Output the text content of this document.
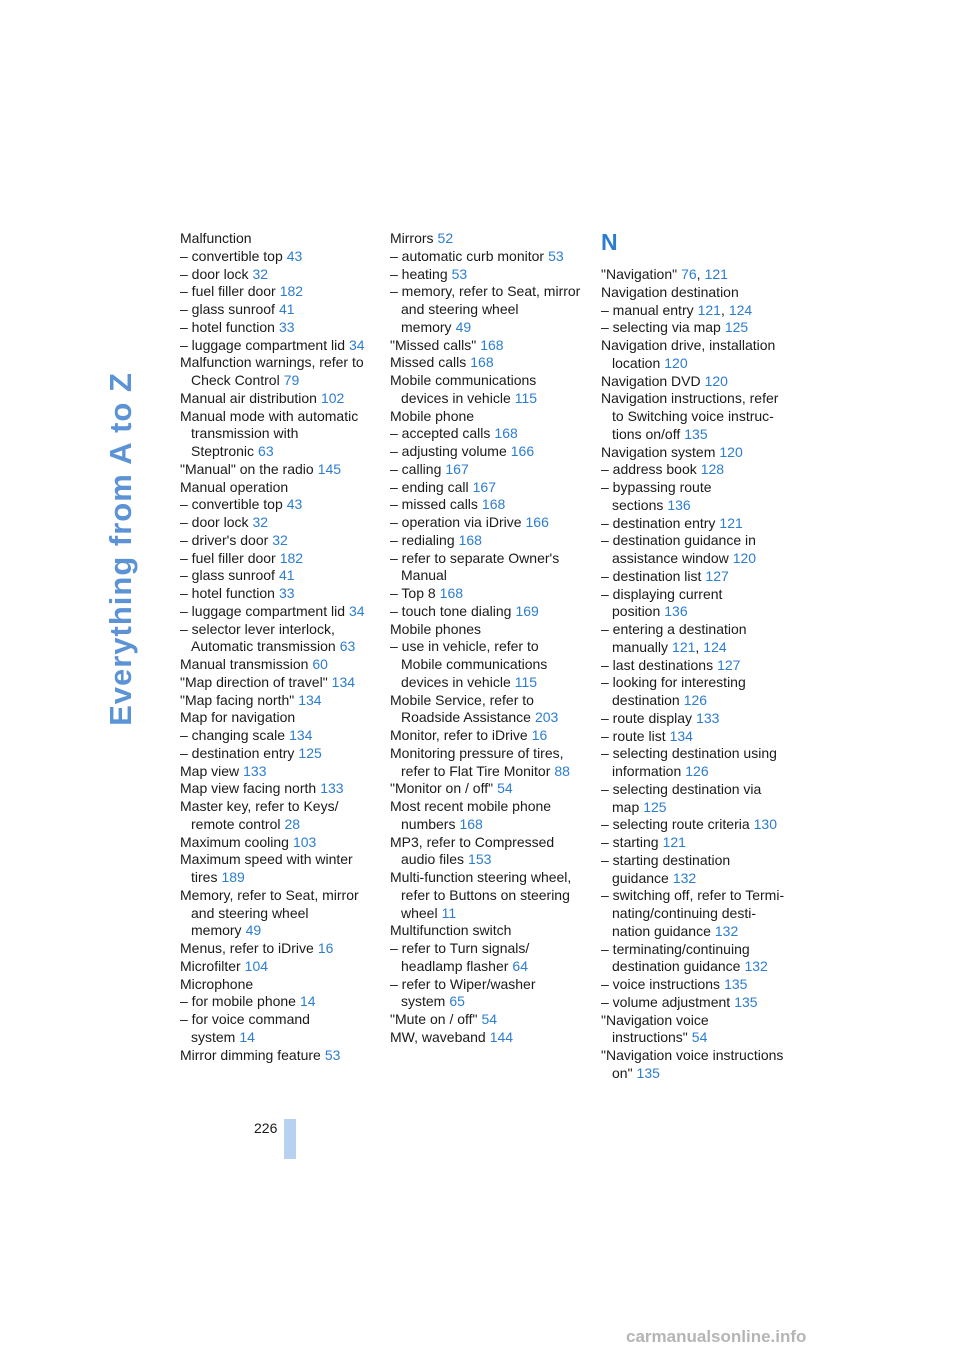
Everything from A to Z
Malfunction
– convertible top 43
– door lock 32
– fuel filler door 182
– glass sunroof 41
– hotel function 33
– luggage compartment lid 34
Malfunction warnings, refer to Check Control 79
Manual air distribution 102
Manual mode with automatic transmission with Steptronic 63
"Manual" on the radio 145
Manual operation
– convertible top 43
– door lock 32
– driver's door 32
– fuel filler door 182
– glass sunroof 41
– hotel function 33
– luggage compartment lid 34
– selector lever interlock, Automatic transmission 63
Manual transmission 60
"Map direction of travel" 134
"Map facing north" 134
Map for navigation
– changing scale 134
– destination entry 125
Map view 133
Map view facing north 133
Master key, refer to Keys/ remote control 28
Maximum cooling 103
Maximum speed with winter tires 189
Memory, refer to Seat, mirror and steering wheel memory 49
Menus, refer to iDrive 16
Microfilter 104
Microphone
– for mobile phone 14
– for voice command system 14
Mirror dimming feature 53
Mirrors 52
– automatic curb monitor 53
– heating 53
– memory, refer to Seat, mirror and steering wheel memory 49
"Missed calls" 168
Missed calls 168
Mobile communications devices in vehicle 115
Mobile phone
– accepted calls 168
– adjusting volume 166
– calling 167
– ending call 167
– missed calls 168
– operation via iDrive 166
– redialing 168
– refer to separate Owner's Manual
– Top 8 168
– touch tone dialing 169
Mobile phones
– use in vehicle, refer to Mobile communications devices in vehicle 115
Mobile Service, refer to Roadside Assistance 203
Monitor, refer to iDrive 16
Monitoring pressure of tires, refer to Flat Tire Monitor 88
"Monitor on / off" 54
Most recent mobile phone numbers 168
MP3, refer to Compressed audio files 153
Multi-function steering wheel, refer to Buttons on steering wheel 11
Multifunction switch
– refer to Turn signals/ headlamp flasher 64
– refer to Wiper/washer system 65
"Mute on / off" 54
MW, waveband 144
N
"Navigation" 76, 121
Navigation destination
– manual entry 121, 124
– selecting via map 125
Navigation drive, installation location 120
Navigation DVD 120
Navigation instructions, refer to Switching voice instruc- tions on/off 135
Navigation system 120
– address book 128
– bypassing route sections 136
– destination entry 121
– destination guidance in assistance window 120
– destination list 127
– displaying current position 136
– entering a destination manually 121, 124
– last destinations 127
– looking for interesting destination 126
– route display 133
– route list 134
– selecting destination using information 126
– selecting destination via map 125
– selecting route criteria 130
– starting 121
– starting destination guidance 132
– switching off, refer to Termi- nating/continuing desti- nation guidance 132
– terminating/continuing destination guidance 132
– voice instructions 135
– volume adjustment 135
"Navigation voice instructions" 54
"Navigation voice instructions on" 135
226
carmanualsonline.info
